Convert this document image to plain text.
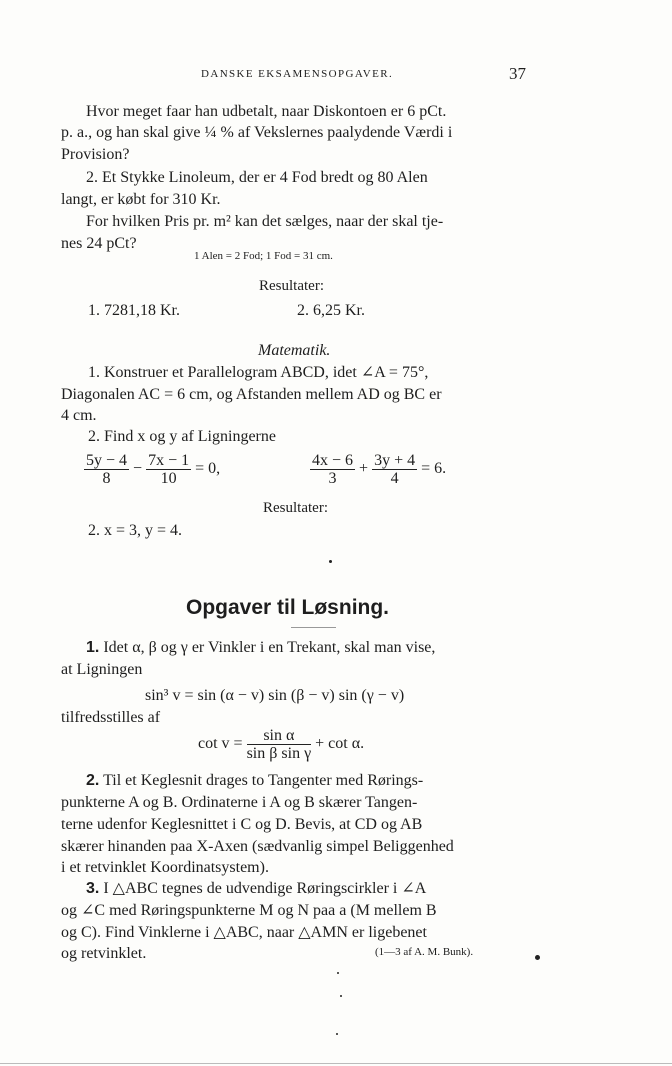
DANSKE EKSAMENSOPGAVER.	37
Hvor meget faar han udbetalt, naar Diskontoen er 6 pCt.
p. a., og han skal give ¼ % af Vekslernes paalydende Værdi i
Provision?
2. Et Stykke Linoleum, der er 4 Fod bredt og 80 Alen
langt, er købt for 310 Kr.
For hvilken Pris pr. m² kan det sælges, naar der skal tje-
nes 24 pCt?
1 Alen = 2 Fod; 1 Fod = 31 cm.
Resultater:
1. 7281,18 Kr.	2. 6,25 Kr.
Matematik.
1. Konstruer et Parallelogram ABCD, idet ∠A = 75°,
Diagonalen AC = 6 cm, og Afstanden mellem AD og BC er
4 cm.
2. Find x og y af Ligningerne
$\frac{5y - 4}{8} - \frac{7x - 1}{10} = 0$,	$\frac{4x - 6}{3} + \frac{3y + 4}{4} = 6$.
Resultater:
2. x = 3, y = 4.
Opgaver til Løsning.
1. Idet α, β og γ er Vinkler i en Trekant, skal man vise,
at Ligningen
sin³ v = sin (α − v) sin (β − v) sin (γ − v)
tilfredsstilles af
$\cot v = \frac{\text{sin α}}{\text{sin β sin γ}} + \cot \alpha$.
2. Til et Keglesnit drages to Tangenter med Rørings-
punkterne A og B. Ordinaterne i A og B skærer Tangen-
terne udenfor Keglesnittet i C og D. Bevis, at CD og AB
skærer hinanden paa X-Axen (sædvanlig simpel Beliggenhed
i et retvinklet Koordinatsystem).
3. I △ABC tegnes de udvendige Røringscirkler i ∠A
og ∠C med Røringspunkterne M og N paa a (M mellem B
og C). Find Vinklerne i △ABC, naar △AMN er ligebenet
og retvinklet.	(1—3 af A. M. Bunk).
